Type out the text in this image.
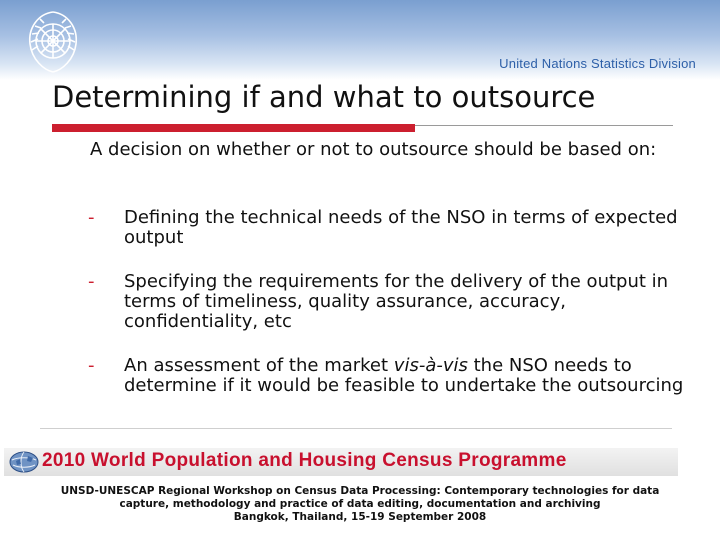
United Nations Statistics Division
Determining if and what to outsource
A decision on whether or not to outsource should be based on:
- Defining the technical needs of the NSO in terms of expected output
- Specifying the requirements for the delivery of the output in terms of timeliness, quality assurance, accuracy, confidentiality, etc
- An assessment of the market vis-à-vis the NSO needs to determine if it would be feasible to undertake the outsourcing
2010 World Population and Housing Census Programme
UNSD-UNESCAP Regional Workshop on Census Data Processing: Contemporary technologies for data
capture, methodology and practice of data editing, documentation and archiving
Bangkok, Thailand, 15-19 September 2008
